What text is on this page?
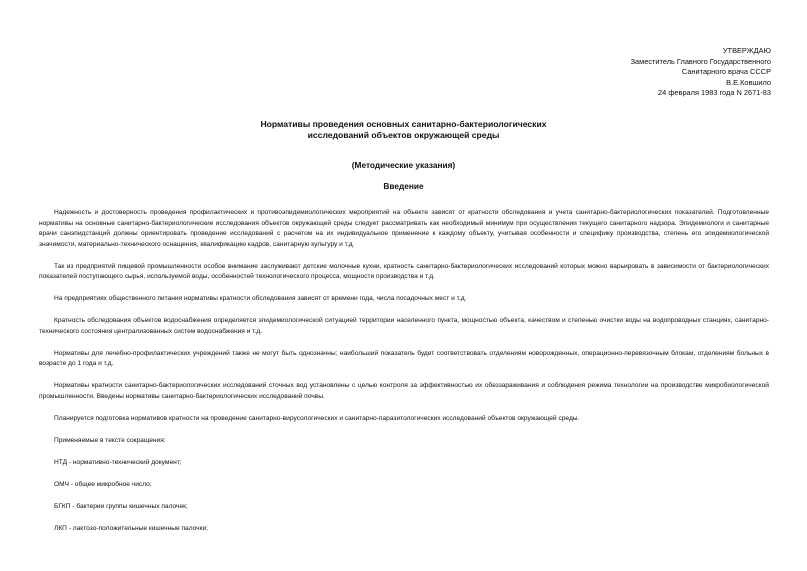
УТВЕРЖДАЮ
Заместитель Главного Государственного
Санитарного врача СССР
В.Е.Ковшило
24 февраля 1983 года N 2671-83
Нормативы проведения основных санитарно-бактериологических
исследований объектов окружающей среды
(Методические указания)
Введение

Надежность и достоверность проведения профилактических и противоэпидемиологических мероприятий на объекте зависят от кратности обследования и учета санитарно-бактериологических показателей. Подготовленные нормативы на основные санитарно-бактериологические исследования объектов окружающей среды следует рассматривать как необходимый минимум при осуществлении текущего санитарного надзора. Эпидемиологи и санитарные врачи санэпидстанций должны ориентировать проведение исследований с расчетом на их индивидуальное применение к каждому объекту, учитывая особенности и специфику производства, степень его эпидемиологической значимости, материально-технического оснащения, квалификацию кадров, санитарную культуру и т.д.

Так из предприятий пищевой промышленности особое внимание заслуживают детские молочные кухни, кратность санитарно-бактериологических исследований которых можно варьировать в зависимости от бактериологических показателей поступающего сырья, используемой воды, особенностей технологического процесса, мощности производства и т.д.

На предприятиях общественного питания нормативы кратности обследования зависят от времени года, числа посадочных мест и т.д.

Кратность обследования объектов водоснабжения определяется эпидемиологической ситуацией территории населенного пункта, мощностью объекта, качеством и степенью очистки воды на водопроводных станциях, санитарно-технического состояния централизованных систем водоснабжения и т.д.

Нормативы для лечебно-профилактических учреждений также не могут быть однозначны; наибольший показатель будет соответствовать отделениям новорожденных, операционно-перевязочным блокам, отделениям больных в возрасте до 1 года и т.д.

Нормативы кратности санитарно-бактериологических исследований сточных вод установлены с целью контроля за эффективностью их обеззараживания и соблюдения режима технологии на производстве микробиологической промышленности. Введены нормативы санитарно-бактериологических исследований почвы.

Планируется подготовка нормативов кратности на проведение санитарно-вирусологических и санитарно-паразитологических исследований объектов окружающей среды.

Применяемые в тексте сокращения:

НТД - нормативно-технический документ;

ОМЧ - общее микробное число;

БГКП - бактерии группы кишечных палочек;

ЛКП - лактозо-положительные кишечные палочки;
